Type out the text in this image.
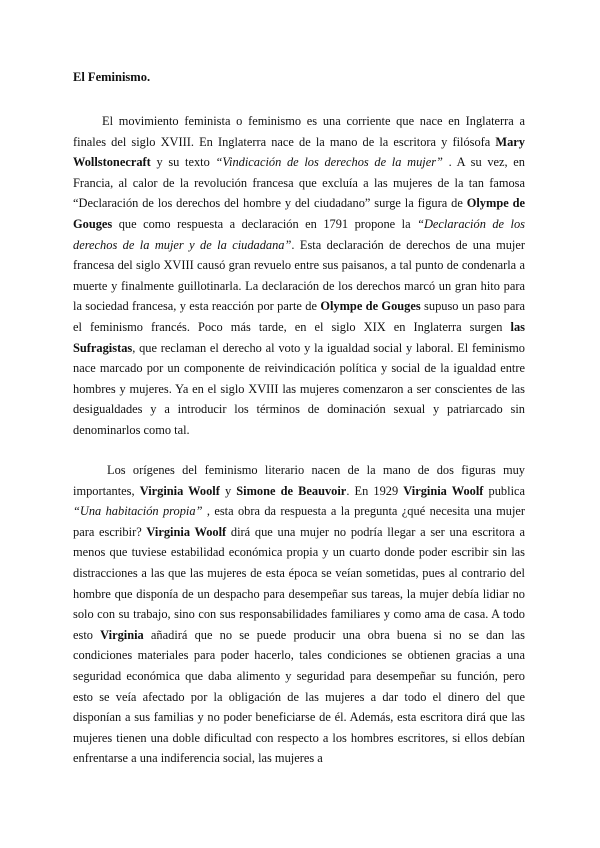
El Feminismo.

El movimiento feminista o feminismo es una corriente que nace en Inglaterra a finales del siglo XVIII. En Inglaterra nace de la mano de la escritora y filósofa Mary Wollstonecraft y su texto “Vindicación de los derechos de la mujer” . A su vez, en Francia, al calor de la revolución francesa que excluía a las mujeres de la tan famosa “Declaración de los derechos del hombre y del ciudadano” surge la figura de Olympe de Gouges que como respuesta a declaración en 1791 propone la “Declaración de los derechos de la mujer y de la ciudadana”. Esta declaración de derechos de una mujer francesa del siglo XVIII causó gran revuelo entre sus paisanos, a tal punto de condenarla a muerte y finalmente guillotinarla. La declaración de los derechos marcó un gran hito para la sociedad francesa, y esta reacción por parte de Olympe de Gouges supuso un paso para el feminismo francés. Poco más tarde, en el siglo XIX en Inglaterra surgen las Sufragistas, que reclaman el derecho al voto y la igualdad social y laboral. El feminismo nace marcado por un componente de reivindicación política y social de la igualdad entre hombres y mujeres. Ya en el siglo XVIII las mujeres comenzaron a ser conscientes de las desigualdades y a introducir los términos de dominación sexual y patriarcado sin denominarlos como tal.

Los orígenes del feminismo literario nacen de la mano de dos figuras muy importantes, Virginia Woolf y Simone de Beauvoir. En 1929 Virginia Woolf publica “Una habitación propia” , esta obra da respuesta a la pregunta ¿qué necesita una mujer para escribir? Virginia Woolf dirá que una mujer no podría llegar a ser una escritora a menos que tuviese estabilidad económica propia y un cuarto donde poder escribir sin las distracciones a las que las mujeres de esta época se veían sometidas, pues al contrario del hombre que disponía de un despacho para desempeñar sus tareas, la mujer debía lidiar no solo con su trabajo, sino con sus responsabilidades familiares y como ama de casa. A todo esto Virginia añadirá que no se puede producir una obra buena si no se dan las condiciones materiales para poder hacerlo, tales condiciones se obtienen gracias a una seguridad económica que daba alimento y seguridad para desempeñar su función, pero esto se veía afectado por la obligación de las mujeres a dar todo el dinero del que disponían a sus familias y no poder beneficiarse de él. Además, esta escritora dirá que las mujeres tienen una doble dificultad con respecto a los hombres escritores, si ellos debían enfrentarse a una indiferencia social, las mujeres a
